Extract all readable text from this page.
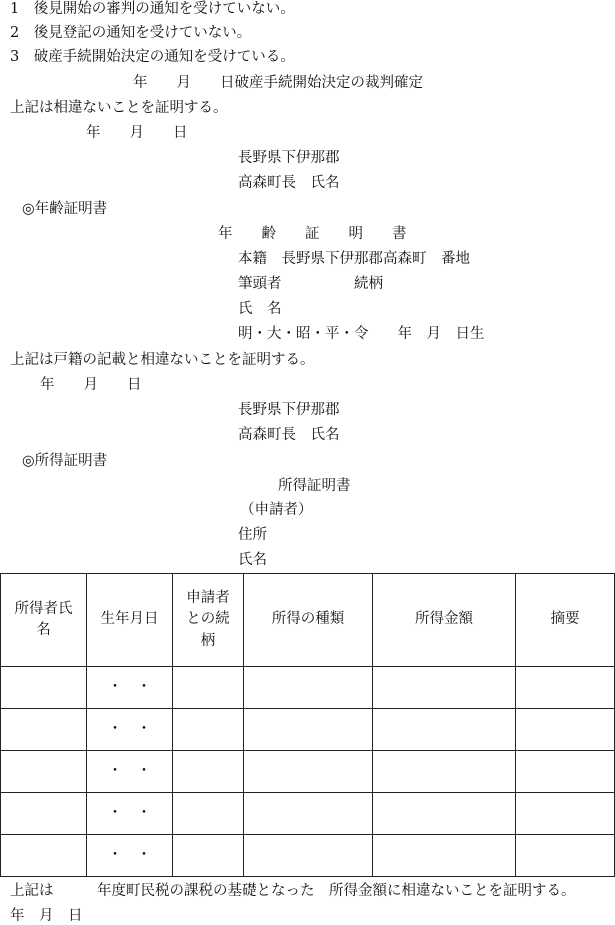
1　後見開始の審判の通知を受けていない。
2　後見登記の通知を受けていない。
3　破産手続開始決定の通知を受けている。
年　　月　　日破産手続開始決定の裁判確定
上記は相違ないことを証明する。
年　　月　　日
長野県下伊那郡
高森町長　氏名
◎年齢証明書
年　　齢　　証　　明　　書
本籍　長野県下伊那郡高森町　番地
筆頭者　　　　　続柄
氏　名
明・大・昭・平・令　　年　月　日生
上記は戸籍の記載と相違ないことを証明する。
年　　月　　日
長野県下伊那郡
高森町長　氏名
◎所得証明書
所得証明書
（申請者）
住所
氏名
所得者氏名	生年月日	申請者との続柄	所得の種類	所得金額	摘要
	・　・				
	・　・				
	・　・				
	・　・				
	・　・				
上記は　　　年度町民税の課税の基礎となった　所得金額に相違ないことを証明する。
年　月　日
